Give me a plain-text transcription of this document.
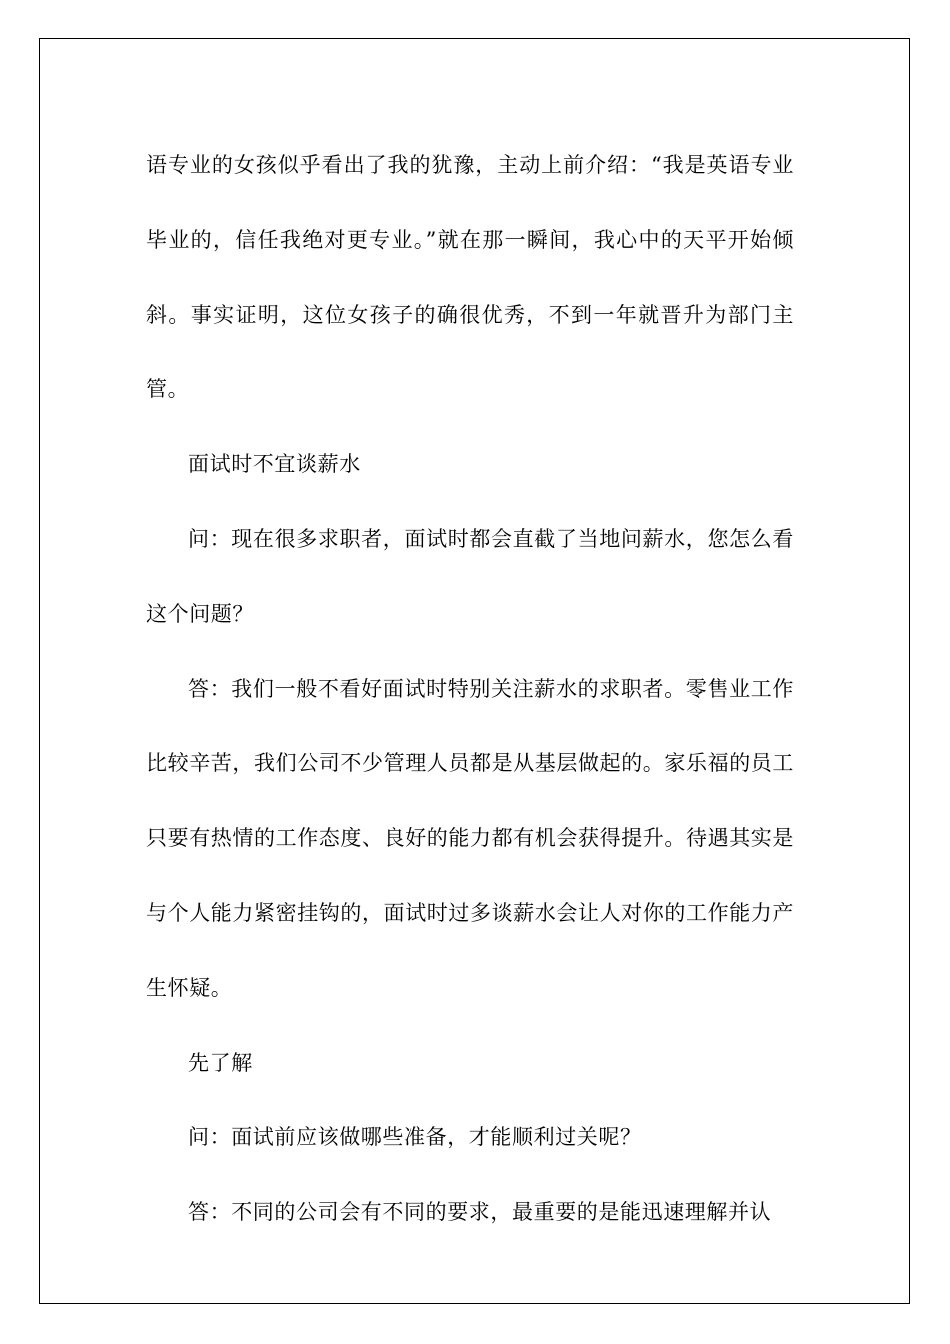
语专业的女孩似乎看出了我的犹豫，主动上前介绍：“我是英语专业毕业的，信任我绝对更专业。”就在那一瞬间，我心中的天平开始倾斜。事实证明，这位女孩子的确很优秀，不到一年就晋升为部门主管。

面试时不宜谈薪水

问：现在很多求职者，面试时都会直截了当地问薪水，您怎么看这个问题？

答：我们一般不看好面试时特别关注薪水的求职者。零售业工作比较辛苦，我们公司不少管理人员都是从基层做起的。家乐福的员工只要有热情的工作态度、良好的能力都有机会获得提升。待遇其实是与个人能力紧密挂钩的，面试时过多谈薪水会让人对你的工作能力产生怀疑。

先了解

问：面试前应该做哪些准备，才能顺利过关呢？

答：不同的公司会有不同的要求，最重要的是能迅速理解并认
